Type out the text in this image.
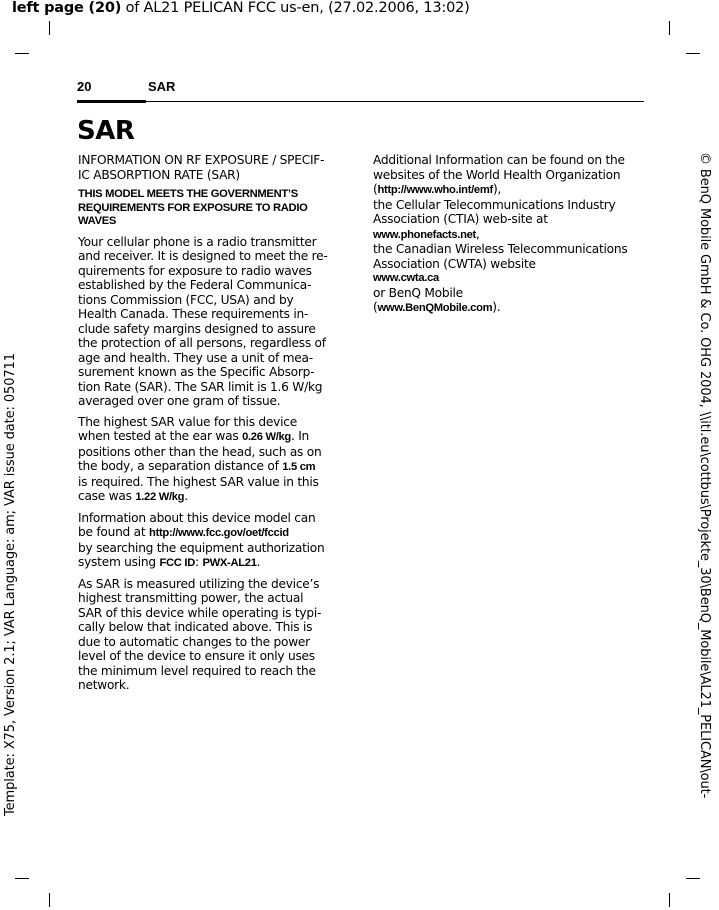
left page (20) of AL21 PELICAN FCC us-en, (27.02.2006, 13:02)
Template: X75, Version 2.1; VAR Language: am; VAR issue date: 050711	© BenQ Mobile GmbH & Co. OHG 2004, \\itl.eu\cottbus\Projekte_30\BenQ_Mobile\AL21_PELICAN\out-
20	SAR
SAR

INFORMATION ON RF EXPOSURE / SPECIF-
IC ABSORPTION RATE (SAR)

THIS MODEL MEETS THE GOVERNMENT’S
REQUIREMENTS FOR EXPOSURE TO RADIO
WAVES

Your cellular phone is a radio transmitter
and receiver. It is designed to meet the re-
quirements for exposure to radio waves
established by the Federal Communica-
tions Commission (FCC, USA) and by
Health Canada. These requirements in-
clude safety margins designed to assure
the protection of all persons, regardless of
age and health. They use a unit of mea-
surement known as the Specific Absorp-
tion Rate (SAR). The SAR limit is 1.6 W/kg
averaged over one gram of tissue.

The highest SAR value for this device
when tested at the ear was 0.26 W/kg. In
positions other than the head, such as on
the body, a separation distance of 1.5 cm
is required. The highest SAR value in this
case was 1.22 W/kg.

Information about this device model can
be found at http://www.fcc.gov/oet/fccid
by searching the equipment authorization
system using FCC ID: PWX-AL21.

As SAR is measured utilizing the device’s
highest transmitting power, the actual
SAR of this device while operating is typi-
cally below that indicated above. This is
due to automatic changes to the power
level of the device to ensure it only uses
the minimum level required to reach the
network.

Additional Information can be found on the
websites of the World Health Organization
(http://www.who.int/emf),
the Cellular Telecommunications Industry
Association (CTIA) web-site at
www.phonefacts.net,
the Canadian Wireless Telecommunications
Association (CWTA) website
www.cwta.ca
or BenQ Mobile
(www.BenQMobile.com).
